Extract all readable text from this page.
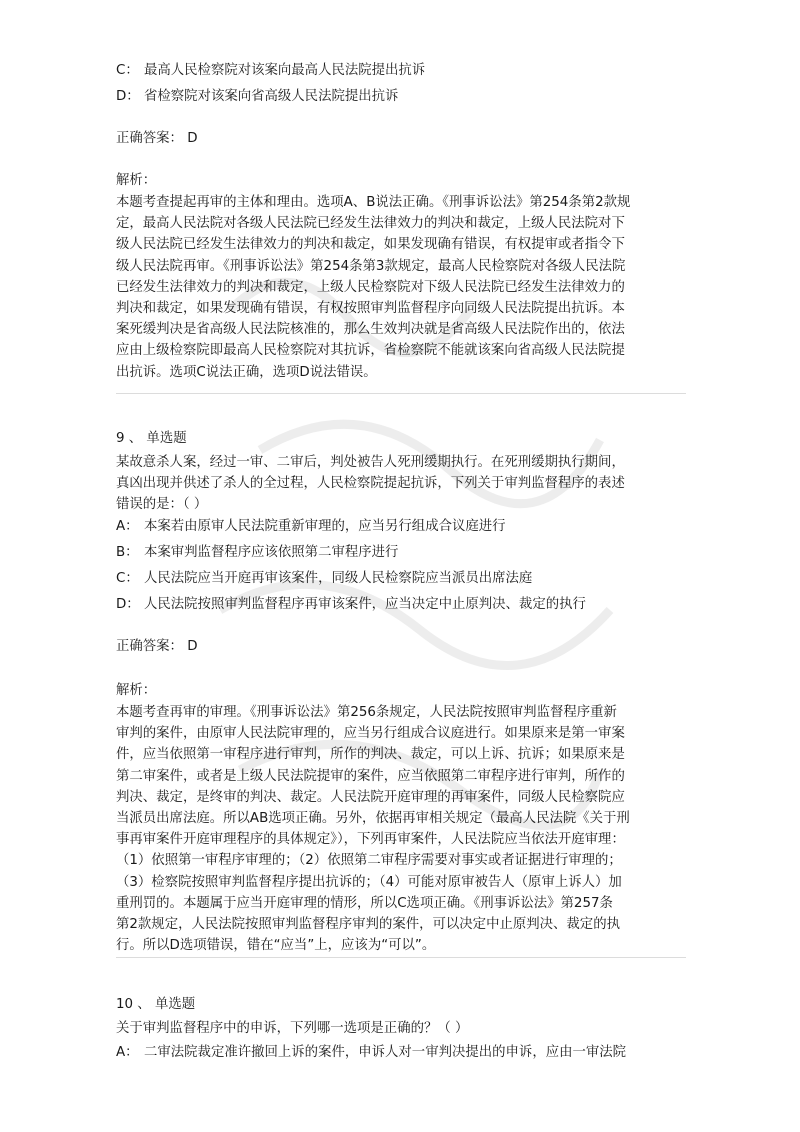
C： 最高人民检察院对该案向最高人民法院提出抗诉
D： 省检察院对该案向省高级人民法院提出抗诉
正确答案： D
解析：
本题考查提起再审的主体和理由。选项A、B说法正确。《刑事诉讼法》第254条第2款规
定，最高人民法院对各级人民法院已经发生法律效力的判决和裁定，上级人民法院对下
级人民法院已经发生法律效力的判决和裁定，如果发现确有错误，有权提审或者指令下
级人民法院再审。《刑事诉讼法》第254条第3款规定，最高人民检察院对各级人民法院
已经发生法律效力的判决和裁定，上级人民检察院对下级人民法院已经发生法律效力的
判决和裁定，如果发现确有错误，有权按照审判监督程序向同级人民法院提出抗诉。本
案死缓判决是省高级人民法院核准的，那么生效判决就是省高级人民法院作出的，依法
应由上级检察院即最高人民检察院对其抗诉，省检察院不能就该案向省高级人民法院提
出抗诉。选项C说法正确，选项D说法错误。
9 、 单选题
某故意杀人案，经过一审、二审后，判处被告人死刑缓期执行。在死刑缓期执行期间，
真凶出现并供述了杀人的全过程，人民检察院提起抗诉，下列关于审判监督程序的表述
错误的是：（ ）
A： 本案若由原审人民法院重新审理的，应当另行组成合议庭进行
B： 本案审判监督程序应该依照第二审程序进行
C： 人民法院应当开庭再审该案件，同级人民检察院应当派员出席法庭
D： 人民法院按照审判监督程序再审该案件，应当决定中止原判决、裁定的执行
正确答案： D
解析：
本题考查再审的审理。《刑事诉讼法》第256条规定，人民法院按照审判监督程序重新
审判的案件，由原审人民法院审理的，应当另行组成合议庭进行。如果原来是第一审案
件，应当依照第一审程序进行审判，所作的判决、裁定，可以上诉、抗诉；如果原来是
第二审案件，或者是上级人民法院提审的案件，应当依照第二审程序进行审判，所作的
判决、裁定，是终审的判决、裁定。人民法院开庭审理的再审案件，同级人民检察院应
当派员出席法庭。所以AB选项正确。另外，依据再审相关规定（最高人民法院《关于刑
事再审案件开庭审理程序的具体规定》），下列再审案件，人民法院应当依法开庭审理：
（1）依照第一审程序审理的；（2）依照第二审程序需要对事实或者证据进行审理的；
（3）检察院按照审判监督程序提出抗诉的；（4）可能对原审被告人（原审上诉人）加
重刑罚的。本题属于应当开庭审理的情形，所以C选项正确。《刑事诉讼法》第257条
第2款规定，人民法院按照审判监督程序审判的案件，可以决定中止原判决、裁定的执
行。所以D选项错误，错在“应当”上，应该为“可以”。
10 、 单选题
关于审判监督程序中的申诉，下列哪一选项是正确的？（ ）
A： 二审法院裁定准许撤回上诉的案件，申诉人对一审判决提出的申诉，应由一审法院
